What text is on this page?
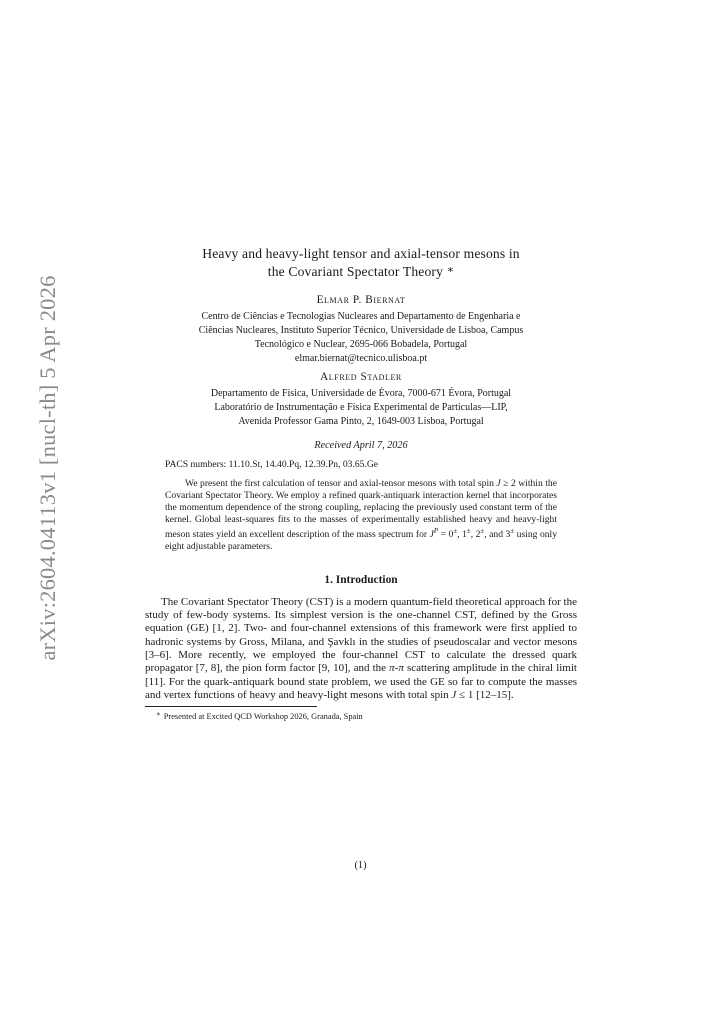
arXiv:2604.04113v1 [nucl-th] 5 Apr 2026
Heavy and heavy-light tensor and axial-tensor mesons in
the Covariant Spectator Theory ∗
Elmar P. Biernat
Centro de Ciências e Tecnologias Nucleares and Departamento de Engenharia e
Ciências Nucleares, Instituto Superior Técnico, Universidade de Lisboa, Campus
Tecnológico e Nuclear, 2695-066 Bobadela, Portugal
elmar.biernat@tecnico.ulisboa.pt
Alfred Stadler
Departamento de Física, Universidade de Évora, 7000-671 Évora, Portugal
Laboratório de Instrumentação e Física Experimental de Partículas—LIP,
Avenida Professor Gama Pinto, 2, 1649-003 Lisboa, Portugal
Received April 7, 2026
PACS numbers: 11.10.St, 14.40.Pq, 12.39.Pn, 03.65.Ge
We present the first calculation of tensor and axial-tensor mesons with total spin J ≥ 2 within the Covariant Spectator Theory. We employ a refined quark-antiquark interaction kernel that incorporates the momentum dependence of the strong coupling, replacing the previously used constant term of the kernel. Global least-squares fits to the masses of experimentally established heavy and heavy-light meson states yield an excellent description of the mass spectrum for $J^P = 0^\pm$, 1±, 2±, and 3± using only eight adjustable parameters.
1. Introduction
The Covariant Spectator Theory (CST) is a modern quantum-field theoretical approach for the study of few-body systems. Its simplest version is the one-channel CST, defined by the Gross equation (GE) [1, 2]. Two- and four-channel extensions of this framework were first applied to hadronic systems by Gross, Milana, and Şavklı in the studies of pseudoscalar and vector mesons [3–6]. More recently, we employed the four-channel CST to calculate the dressed quark propagator [7, 8], the pion form factor [9, 10], and the π-π scattering amplitude in the chiral limit [11]. For the quark-antiquark bound state problem, we used the GE so far to compute the masses and vertex functions of heavy and heavy-light mesons with total spin J ≤ 1 [12–15].
∗ Presented at Excited QCD Workshop 2026, Granada, Spain
(1)
